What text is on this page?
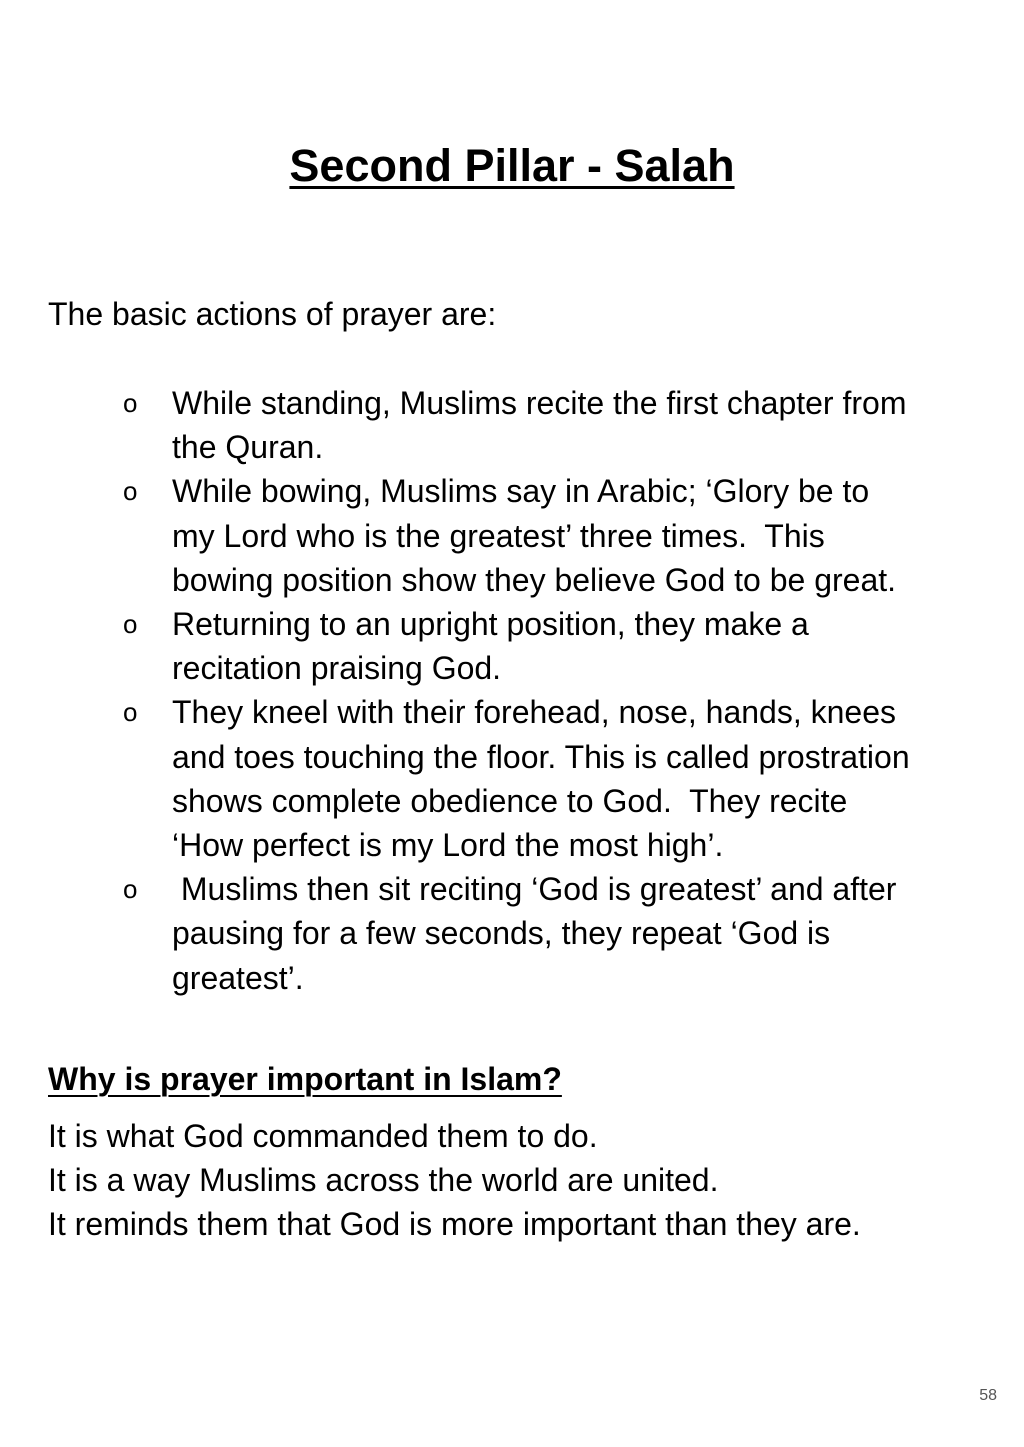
Second Pillar - Salah

The basic actions of prayer are:

o While standing, Muslims recite the first chapter from
the Quran.
o While bowing, Muslims say in Arabic; ‘Glory be to
my Lord who is the greatest’ three times.  This
bowing position show they believe God to be great.
o Returning to an upright position, they make a
recitation praising God.
o They kneel with their forehead, nose, hands, knees
and toes touching the floor. This is called prostration
shows complete obedience to God.  They recite
‘How perfect is my Lord the most high’.
o Muslims then sit reciting ‘God is greatest’ and after
pausing for a few seconds, they repeat ‘God is
greatest’.
Why is prayer important in Islam?
It is what God commanded them to do.
It is a way Muslims across the world are united.
It reminds them that God is more important than they are.
58
